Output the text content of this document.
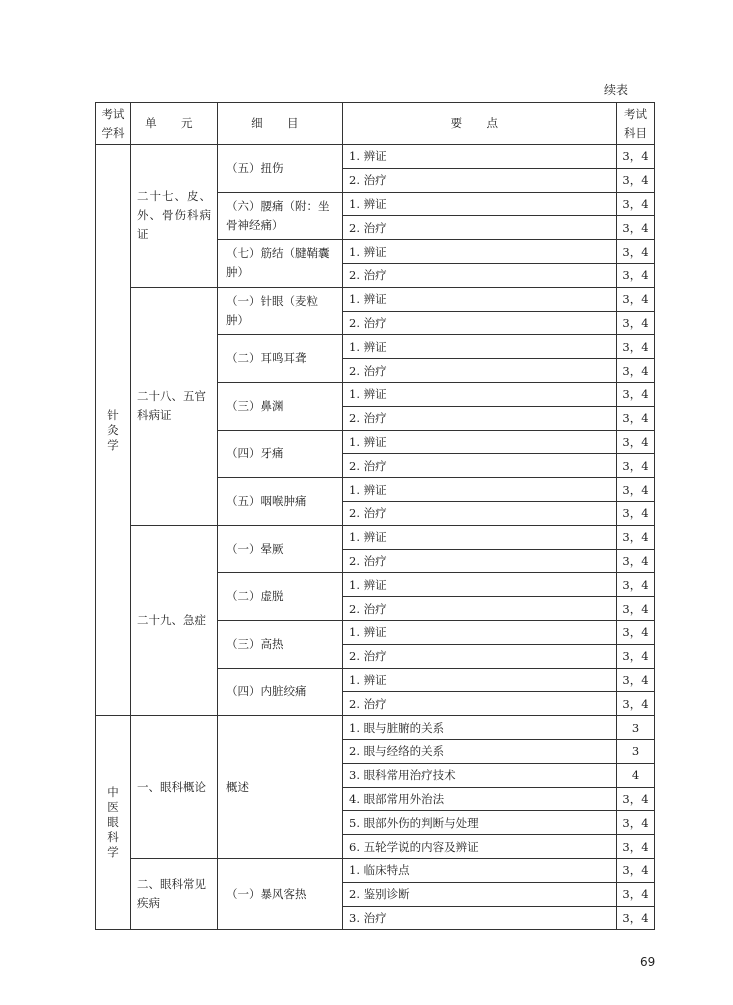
续表
考试学科	单 元	细 目	要 点	考试科目

针灸学	二十七、皮、外、骨伤科病证	（五）扭伤	1. 辨证	3，4
			2. 治疗	3，4
		（六）腰痛（附：坐骨神经痛）	1. 辨证	3，4
			2. 治疗	3，4
		（七）筋结（腱鞘囊肿）	1. 辨证	3，4
			2. 治疗	3，4
	二十八、五官科病证	（一）针眼（麦粒肿）	1. 辨证	3，4
			2. 治疗	3，4
		（二）耳鸣耳聋	1. 辨证	3，4
			2. 治疗	3，4
		（三）鼻渊	1. 辨证	3，4
			2. 治疗	3，4
		（四）牙痛	1. 辨证	3，4
			2. 治疗	3，4
		（五）咽喉肿痛	1. 辨证	3，4
			2. 治疗	3，4
	二十九、急症	（一）晕厥	1. 辨证	3，4
			2. 治疗	3，4
		（二）虚脱	1. 辨证	3，4
			2. 治疗	3，4
		（三）高热	1. 辨证	3，4
			2. 治疗	3，4
		（四）内脏绞痛	1. 辨证	3，4
			2. 治疗	3，4
中医眼科学	一、眼科概论	概述	1. 眼与脏腑的关系	3
			2. 眼与经络的关系	3
			3. 眼科常用治疗技术	4
			4. 眼部常用外治法	3，4
			5. 眼部外伤的判断与处理	3，4
			6. 五轮学说的内容及辨证	3，4
	二、眼科常见疾病	（一）暴风客热	1. 临床特点	3，4
			2. 鉴别诊断	3，4
			3. 治疗	3，4
69
